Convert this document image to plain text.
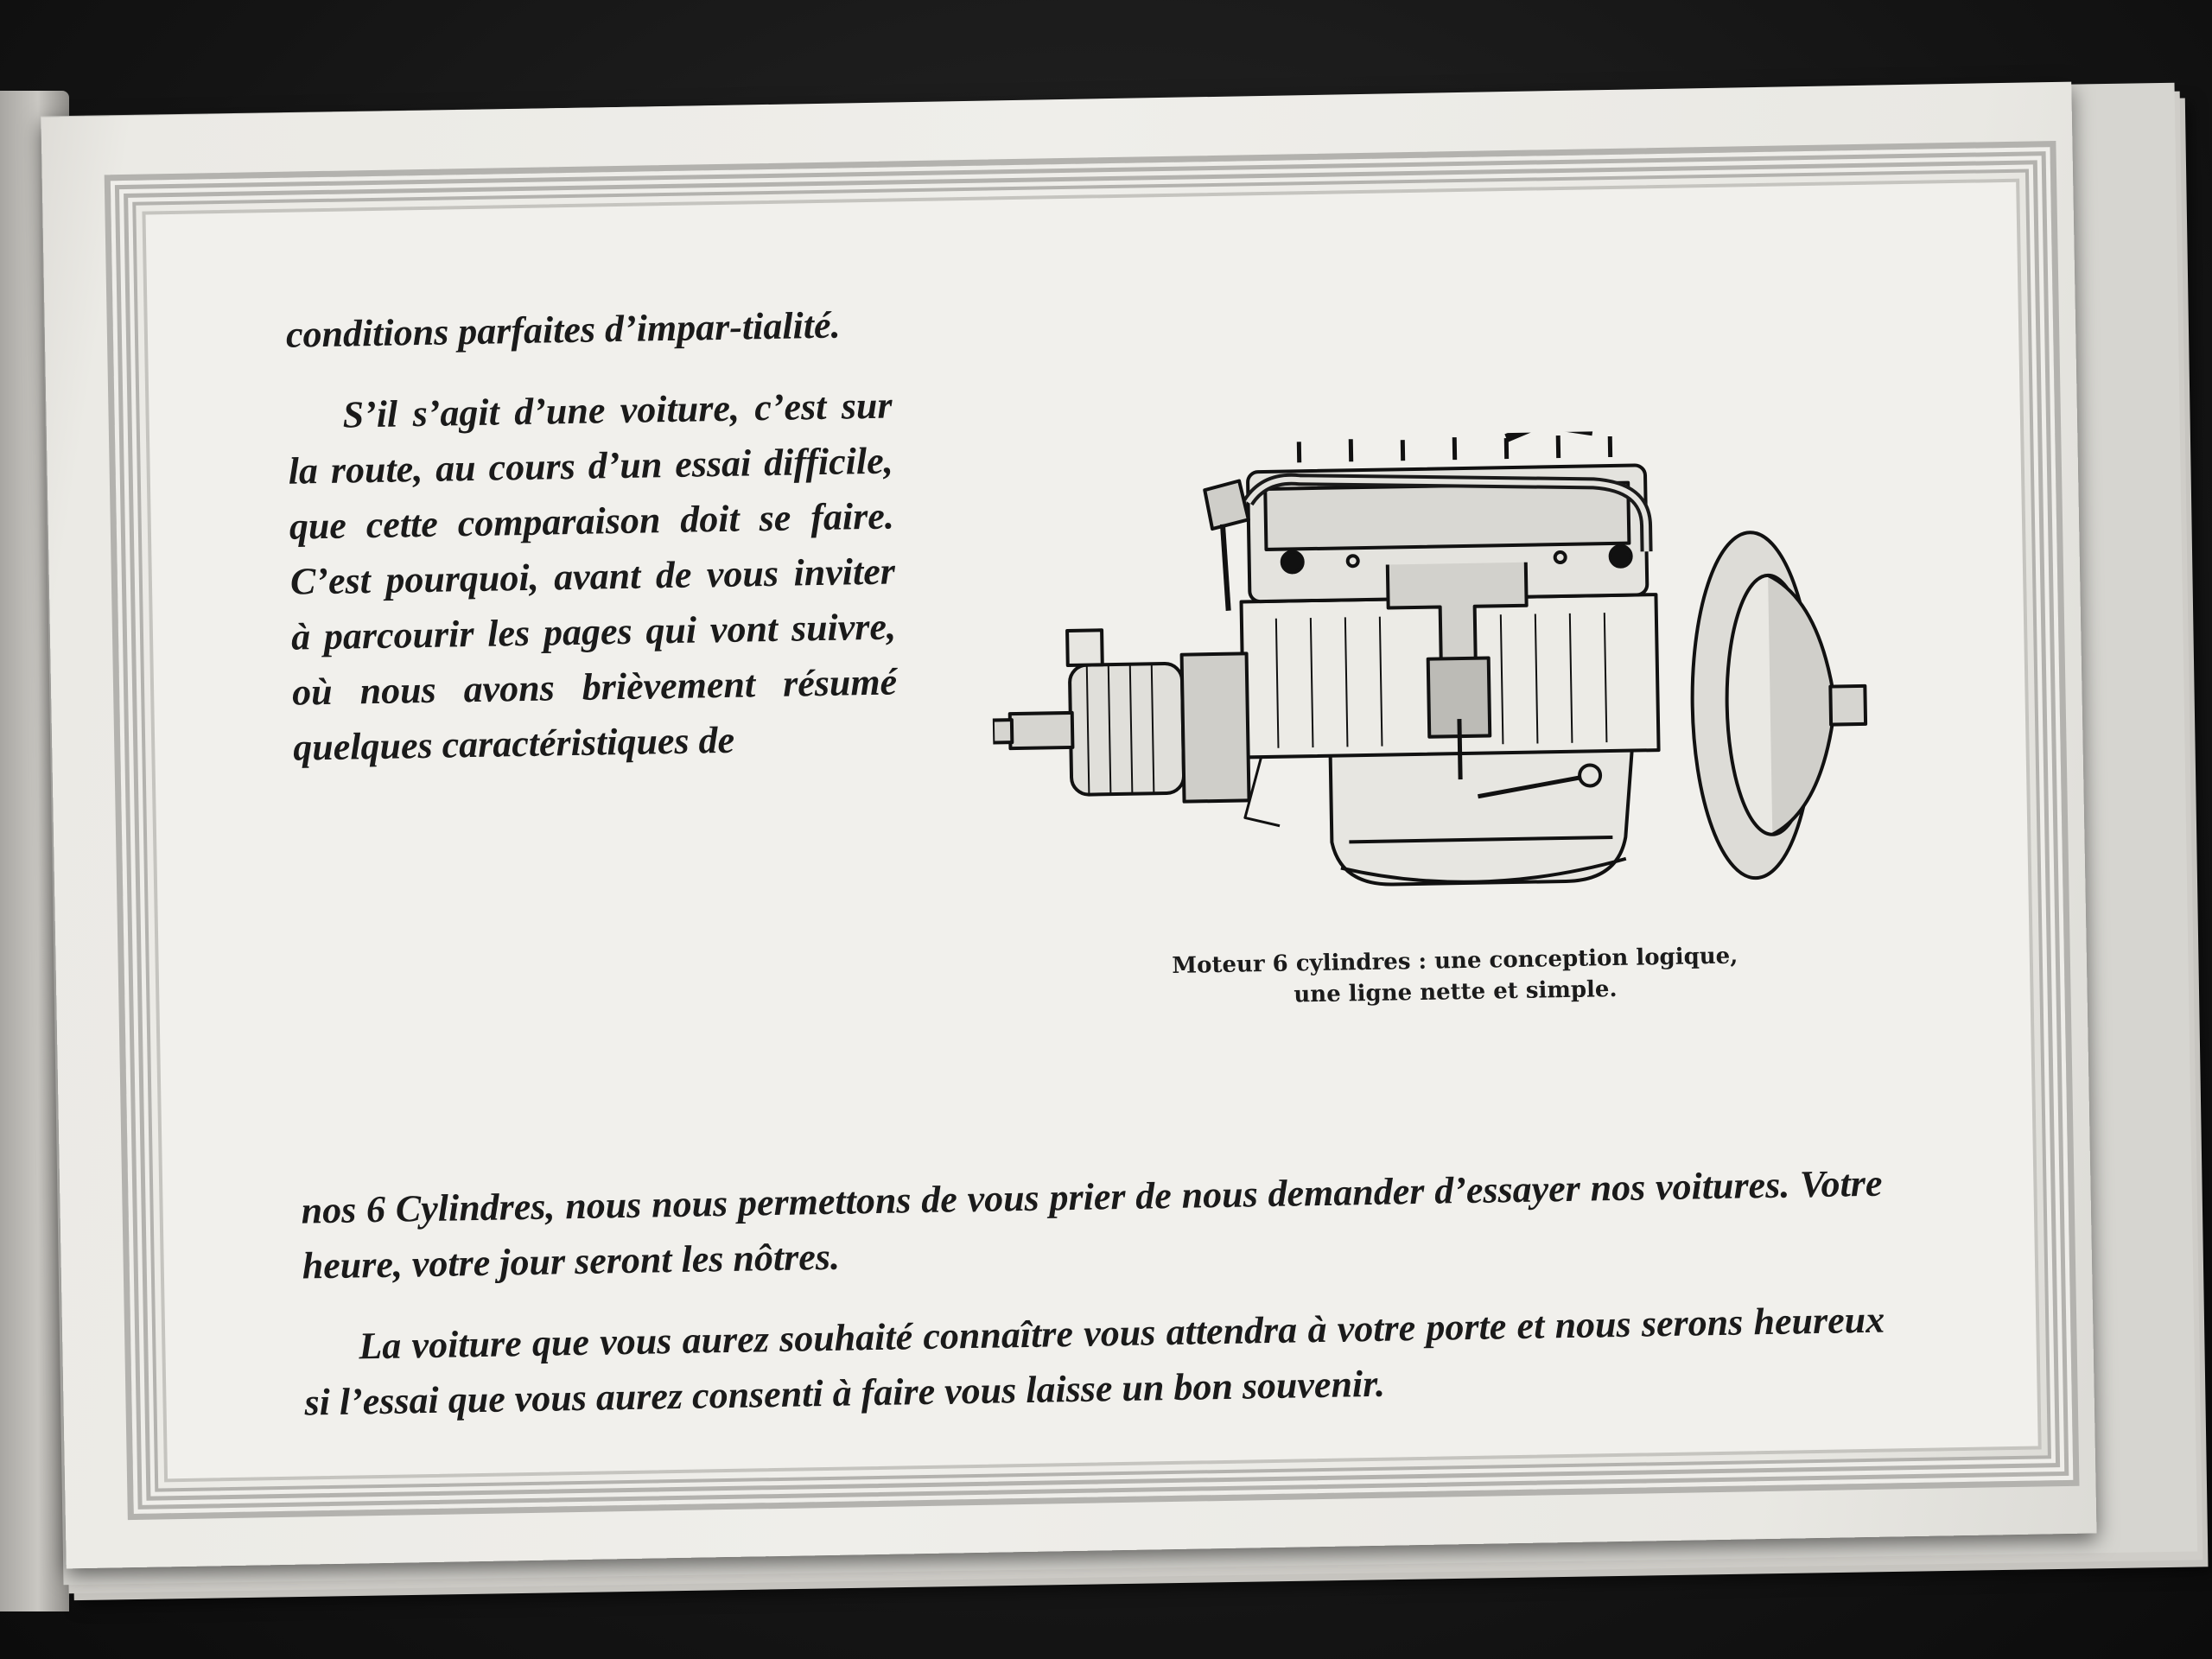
conditions parfaites d’impar-tialité.

S’il s’agit d’une voiture, c’est sur la route, au cours d’un essai difficile, que cette comparaison doit se faire. C’est pourquoi, avant de vous inviter à parcourir les pages qui vont suivre, où nous avons brièvement résumé quelques caractéristiques de

Moteur 6 cylindres : une conception logique,
une ligne nette et simple.

nos 6 Cylindres, nous nous permettons de vous prier de nous demander d’essayer nos voitures. Votre heure, votre jour seront les nôtres.

La voiture que vous aurez souhaité connaître vous attendra à votre porte et nous serons heureux si l’essai que vous aurez consenti à faire vous laisse un bon souvenir.
